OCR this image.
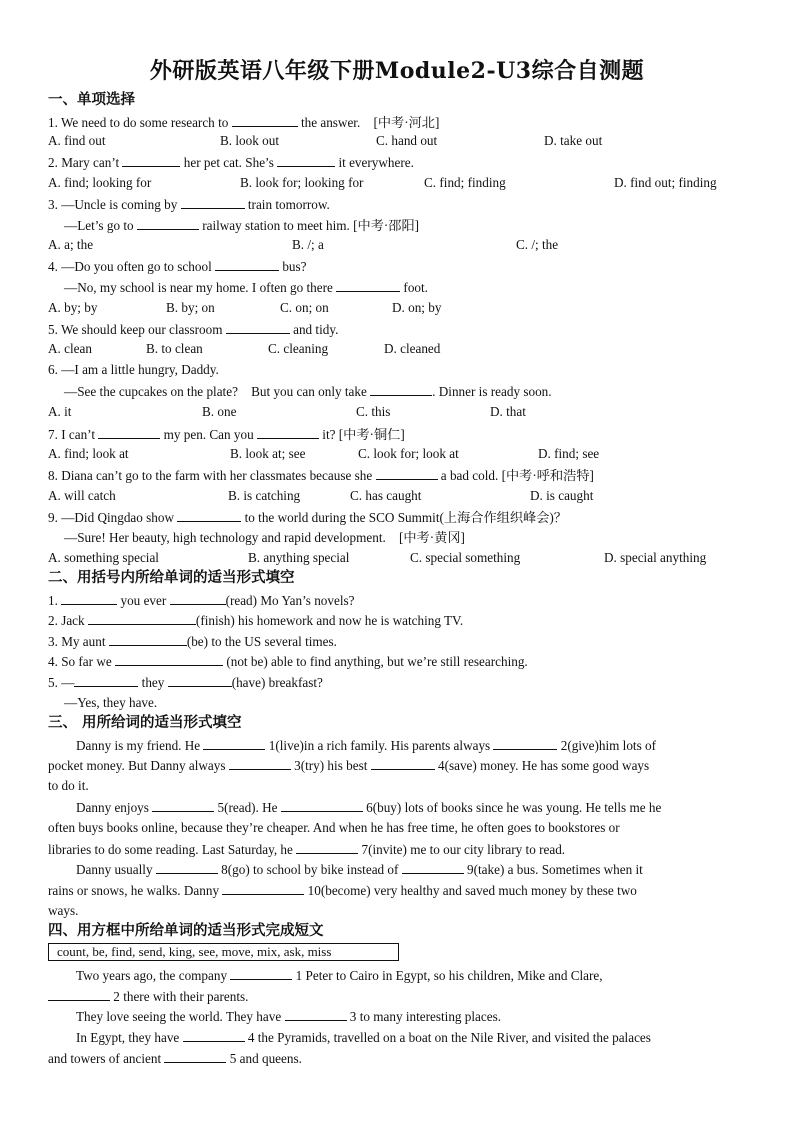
外研版英语八年级下册Module2-U3综合自测题
一、单项选择
1. We need to do some research to	the answer. [中考·河北]
A. find out	B. look out	C. hand out	D. take out
2. Mary can’t	her pet cat. She’s	it everywhere.
A. find; looking for	B. look for; looking for	C. find; finding	D. find out; finding
3. —Uncle is coming by	train tomorrow.
—Let’s go to	railway station to meet him. [中考·邵阳]
A. a; the	B. /; a	C. /; the
4. —Do you often go to school	bus?
—No, my school is near my home. I often go there	foot.
A. by; by	B. by; on	C. on; on	D. on; by
5. We should keep our classroom	and tidy.
A. clean	B. to clean	C. cleaning	D. cleaned
6. —I am a little hungry, Daddy.
—See the cupcakes on the plate?    But you can only take	. Dinner is ready soon.
A. it	B. one	C. this	D. that
7. I can’t	my pen. Can you	it? [中考·铜仁]
A. find; look at	B. look at; see	C. look for; look at	D. find; see
8. Diana can’t go to the farm with her classmates because she	a bad cold. [中考·呼和浩特]
A. will catch	B. is catching	C. has caught	D. is caught
9. —Did Qingdao show	to the world during the SCO Summit(上海合作组织峰会)？
—Sure! Her beauty, high technology and rapid development. [中考·黄冈]
A. something special	B. anything special	C. special something	D. special anything
二、用括号内所给单词的适当形式填空
1.	you ever	(read) Mo Yan’s novels?
2. Jack	(finish) his homework and now he is watching TV.
3. My aunt	(be) to the US several times.
4. So far we	(not be) able to find anything, but we’re still researching.
5. —	they	(have) breakfast?
—Yes, they have.
三、 用所给词的适当形式填空
Danny is my friend. He	1(live)in a rich family. His parents always	2(give)him lots of
pocket money. But Danny always	3(try) his best	4(save) money. He has some good ways
to do it.
Danny enjoys	5(read). He	6(buy) lots of books since he was young. He tells me he
often buys books online, because they’re cheaper. And when he has free time, he often goes to bookstores or
libraries to do some reading. Last Saturday, he	7(invite) me to our city library to read.
Danny usually	8(go) to school by bike instead of	9(take) a bus. Sometimes when it
rains or snows, he walks. Danny	10(become) very healthy and saved much money by these two
ways.
四、用方框中所给单词的适当形式完成短文
count, be, find, send, king, see, move, mix, ask, miss
Two years ago, the company	1 Peter to Cairo in Egypt, so his children, Mike and Clare,
2 there with their parents.
They love seeing the world. They have	3 to many interesting places.
In Egypt, they have	4 the Pyramids, travelled on a boat on the Nile River, and visited the palaces
and towers of ancient	5 and queens.
